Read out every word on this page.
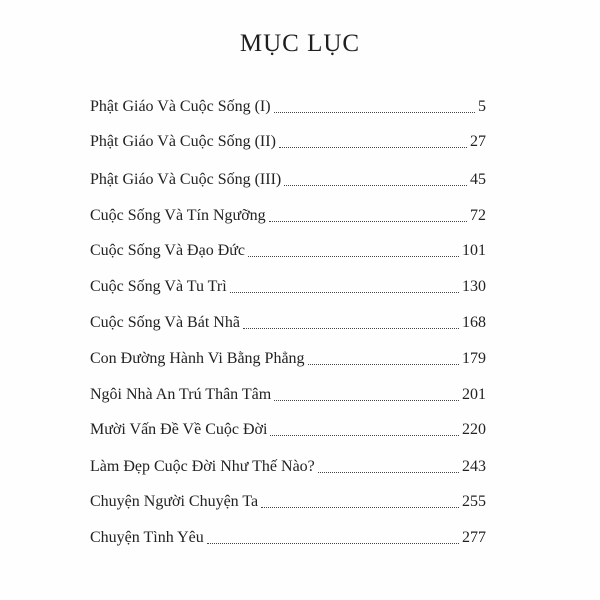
MỤC LỤC
Phật Giáo Và Cuộc Sống (I)	5
Phật Giáo Và Cuộc Sống (II)	27
Phật Giáo Và Cuộc Sống (III)	45
Cuộc Sống Và Tín Ngưỡng	72
Cuộc Sống Và Đạo Đức	101
Cuộc Sống Và Tu Trì	130
Cuộc Sống Và Bát Nhã	168
Con Đường Hành Vi Bằng Phẳng	179
Ngôi Nhà An Trú Thân Tâm	201
Mười Vấn Đề Về Cuộc Đời	220
Làm Đẹp Cuộc Đời Như Thế Nào?	243
Chuyện Người Chuyện Ta	255
Chuyện Tình Yêu	277
